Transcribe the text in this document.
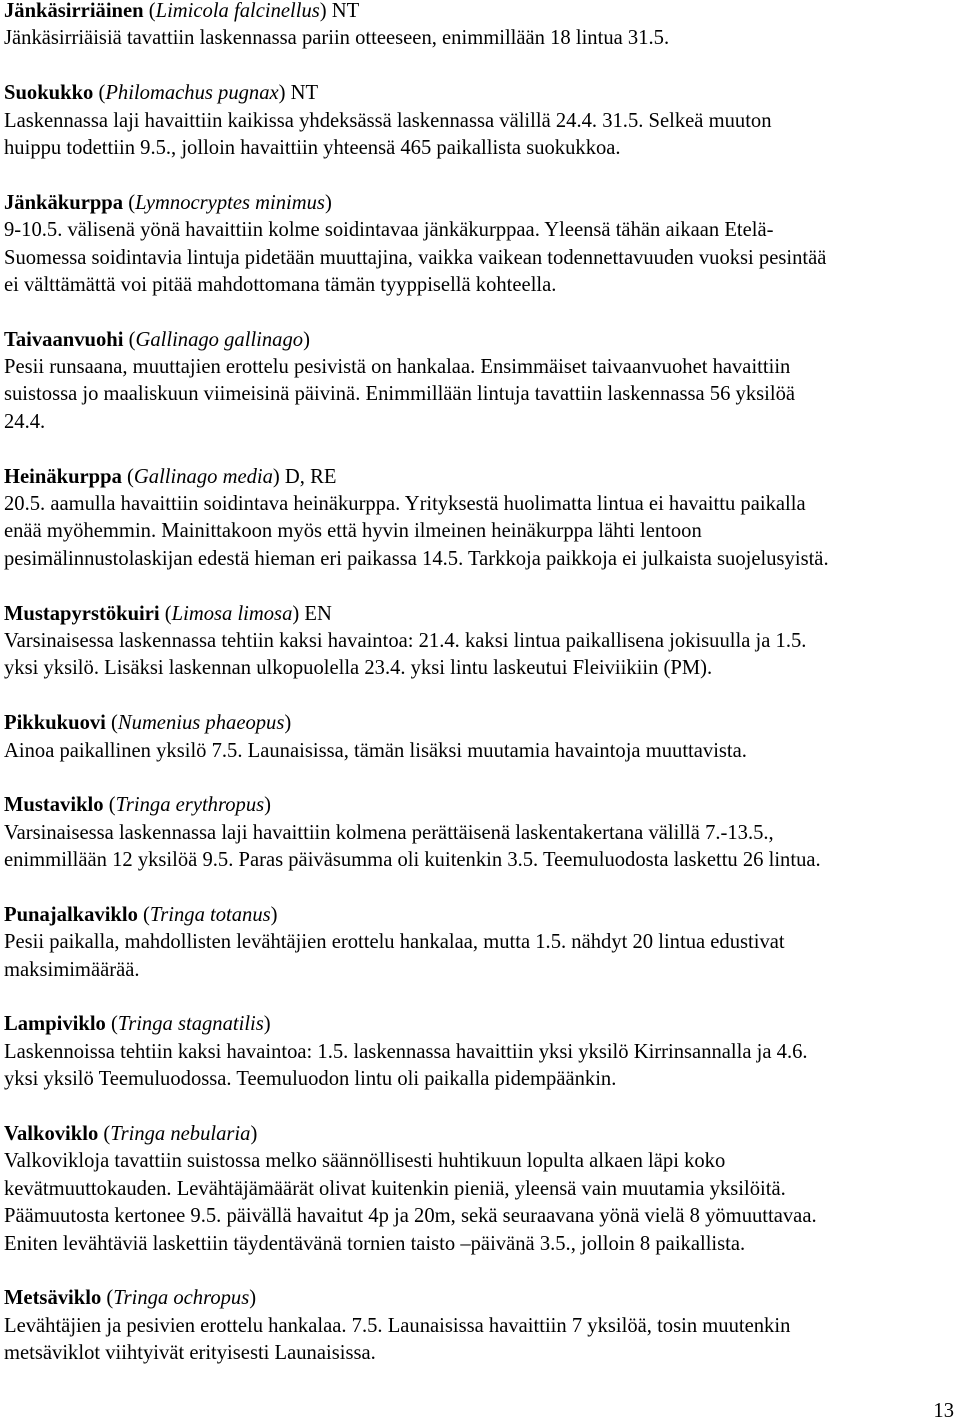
Jänkäsirriäinen (Limicola falcinellus) NT
Jänkäsirriäisiä tavattiin laskennassa pariin otteeseen, enimmillään 18 lintua 31.5.
Suokukko (Philomachus pugnax) NT
Laskennassa laji havaittiin kaikissa yhdeksässä laskennassa välillä 24.4. 31.5. Selkeä muuton
huippu todettiin 9.5., jolloin havaittiin yhteensä 465 paikallista suokukkoa.
Jänkäkurppa (Lymnocryptes minimus)
9-10.5. välisenä yönä havaittiin kolme soidintavaa jänkäkurppaa. Yleensä tähän aikaan Etelä-
Suomessa soidintavia lintuja pidetään muuttajina, vaikka vaikean todennettavuuden vuoksi pesintää
ei välttämättä voi pitää mahdottomana tämän tyyppisellä kohteella.
Taivaanvuohi (Gallinago gallinago)
Pesii runsaana, muuttajien erottelu pesivistä on hankalaa. Ensimmäiset taivaanvuohet havaittiin
suistossa jo maaliskuun viimeisinä päivinä. Enimmillään lintuja tavattiin laskennassa 56 yksilöä
24.4.
Heinäkurppa (Gallinago media) D, RE
20.5. aamulla havaittiin soidintava heinäkurppa. Yrityksestä huolimatta lintua ei havaittu paikalla
enää myöhemmin. Mainittakoon myös että hyvin ilmeinen heinäkurppa lähti lentoon
pesimälinnustolaskijan edestä hieman eri paikassa 14.5. Tarkkoja paikkoja ei julkaista suojelusyistä.
Mustapyrstökuiri (Limosa limosa) EN
Varsinaisessa laskennassa tehtiin kaksi havaintoa: 21.4. kaksi lintua paikallisena jokisuulla ja 1.5.
yksi yksilö. Lisäksi laskennan ulkopuolella 23.4. yksi lintu laskeutui Fleiviikiin (PM).
Pikkukuovi (Numenius phaeopus)
Ainoa paikallinen yksilö 7.5. Launaisissa, tämän lisäksi muutamia havaintoja muuttavista.
Mustaviklo (Tringa erythropus)
Varsinaisessa laskennassa laji havaittiin kolmena perättäisenä laskentakertana välillä 7.-13.5.,
enimmillään 12 yksilöä 9.5. Paras päiväsumma oli kuitenkin 3.5. Teemuluodosta laskettu 26 lintua.
Punajalkaviklo (Tringa totanus)
Pesii paikalla, mahdollisten levähtäjien erottelu hankalaa, mutta 1.5. nähdyt 20 lintua edustivat
maksimimäärää.
Lampiviklo (Tringa stagnatilis)
Laskennoissa tehtiin kaksi havaintoa: 1.5. laskennassa havaittiin yksi yksilö Kirrinsannalla ja 4.6.
yksi yksilö Teemuluodossa. Teemuluodon lintu oli paikalla pidempäänkin.
Valkoviklo (Tringa nebularia)
Valkovikloja tavattiin suistossa melko säännöllisesti huhtikuun lopulta alkaen läpi koko
kevätmuuttokauden. Levähtäjämäärät olivat kuitenkin pieniä, yleensä vain muutamia yksilöitä.
Päämuutosta kertonee 9.5. päivällä havaitut 4p ja 20m, sekä seuraavana yönä vielä 8 yömuuttavaa.
Eniten levähtäviä laskettiin täydentävänä tornien taisto –päivänä 3.5., jolloin 8 paikallista.
Metsäviklo (Tringa ochropus)
Levähtäjien ja pesivien erottelu hankalaa. 7.5. Launaisissa havaittiin 7 yksilöä, tosin muutenkin
metsäviklot viihtyivät erityisesti Launaisissa.
13
